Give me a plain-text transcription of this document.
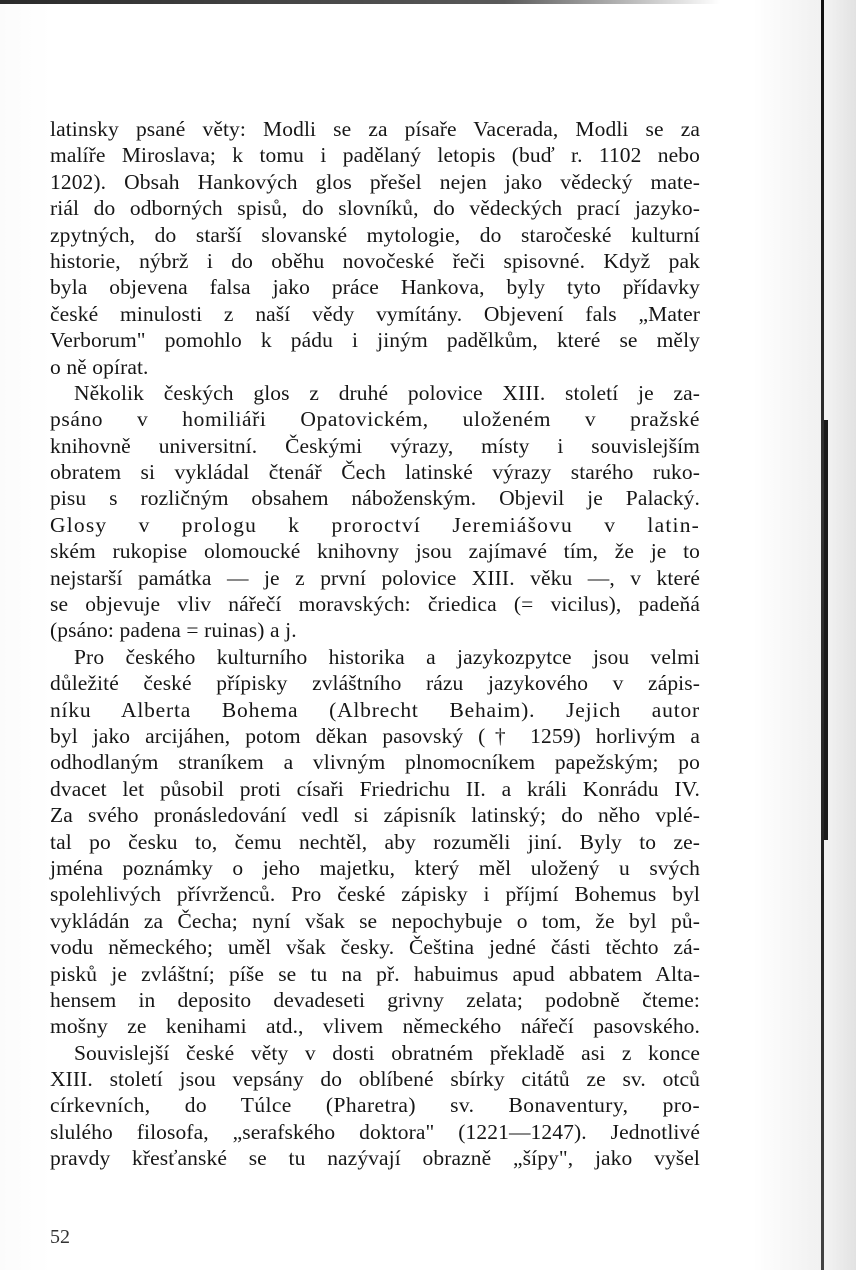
latinsky psané věty: Modli se za písaře Vacerada, Modli se za
malíře Miroslava; k tomu i padělaný letopis (buď r. 1102 nebo
1202). Obsah Hankových glos přešel nejen jako vědecký mate-
riál do odborných spisů, do slovníků, do vědeckých prací jazyko-
zpytných, do starší slovanské mytologie, do staročeské kulturní
historie, nýbrž i do oběhu novočeské řeči spisovné. Když pak
byla objevena falsa jako práce Hankova, byly tyto přídavky
české minulosti z naší vědy vymítány. Objevení fals „Mater
Verborum" pomohlo k pádu i jiným padělkům, které se měly
o ně opírat.
Několik českých glos z druhé polovice XIII. století je za-
psáno v homiliáři Opatovickém, uloženém v pražské
knihovně universitní. Českými výrazy, místy i souvislejším
obratem si vykládal čtenář Čech latinské výrazy starého ruko-
pisu s rozličným obsahem náboženským. Objevil je Palacký.
Glosy v prologu k proroctví Jeremiášovu v latin-
ském rukopise olomoucké knihovny jsou zajímavé tím, že je to
nejstarší památka — je z první polovice XIII. věku —, v které
se objevuje vliv nářečí moravských: čriedica (= vicilus), padeňá
(psáno: padena = ruinas) a j.
Pro českého kulturního historika a jazykozpytce jsou velmi
důležité české přípisky zvláštního rázu jazykového v zápis-
níku Alberta Bohema (Albrecht Behaim). Jejich autor
byl jako arcijáhen, potom děkan pasovský († 1259) horlivým a
odhodlaným straníkem a vlivným plnomocníkem papežským; po
dvacet let působil proti císaři Friedrichu II. a králi Konrádu IV.
Za svého pronásledování vedl si zápisník latinský; do něho vplé-
tal po česku to, čemu nechtěl, aby rozuměli jiní. Byly to ze-
jména poznámky o jeho majetku, který měl uložený u svých
spolehlivých přívrženců. Pro české zápisky i příjmí Bohemus byl
vykládán za Čecha; nyní však se nepochybuje o tom, že byl pů-
vodu německého; uměl však česky. Čeština jedné části těchto zá-
pisků je zvláštní; píše se tu na př. habuimus apud abbatem Alta-
hensem in deposito devadeseti grivny zelata; podobně čteme:
mošny ze kenihami atd., vlivem německého nářečí pasovského.
Souvislejší české věty v dosti obratném překladě asi z konce
XIII. století jsou vepsány do oblíbené sbírky citátů ze sv. otců
církevních, do Túlce (Pharetra) sv. Bonaventury, pro-
slulého filosofa, „serafského doktora" (1221—1247). Jednotlivé
pravdy křesťanské se tu nazývají obrazně „šípy", jako vyšel
52
